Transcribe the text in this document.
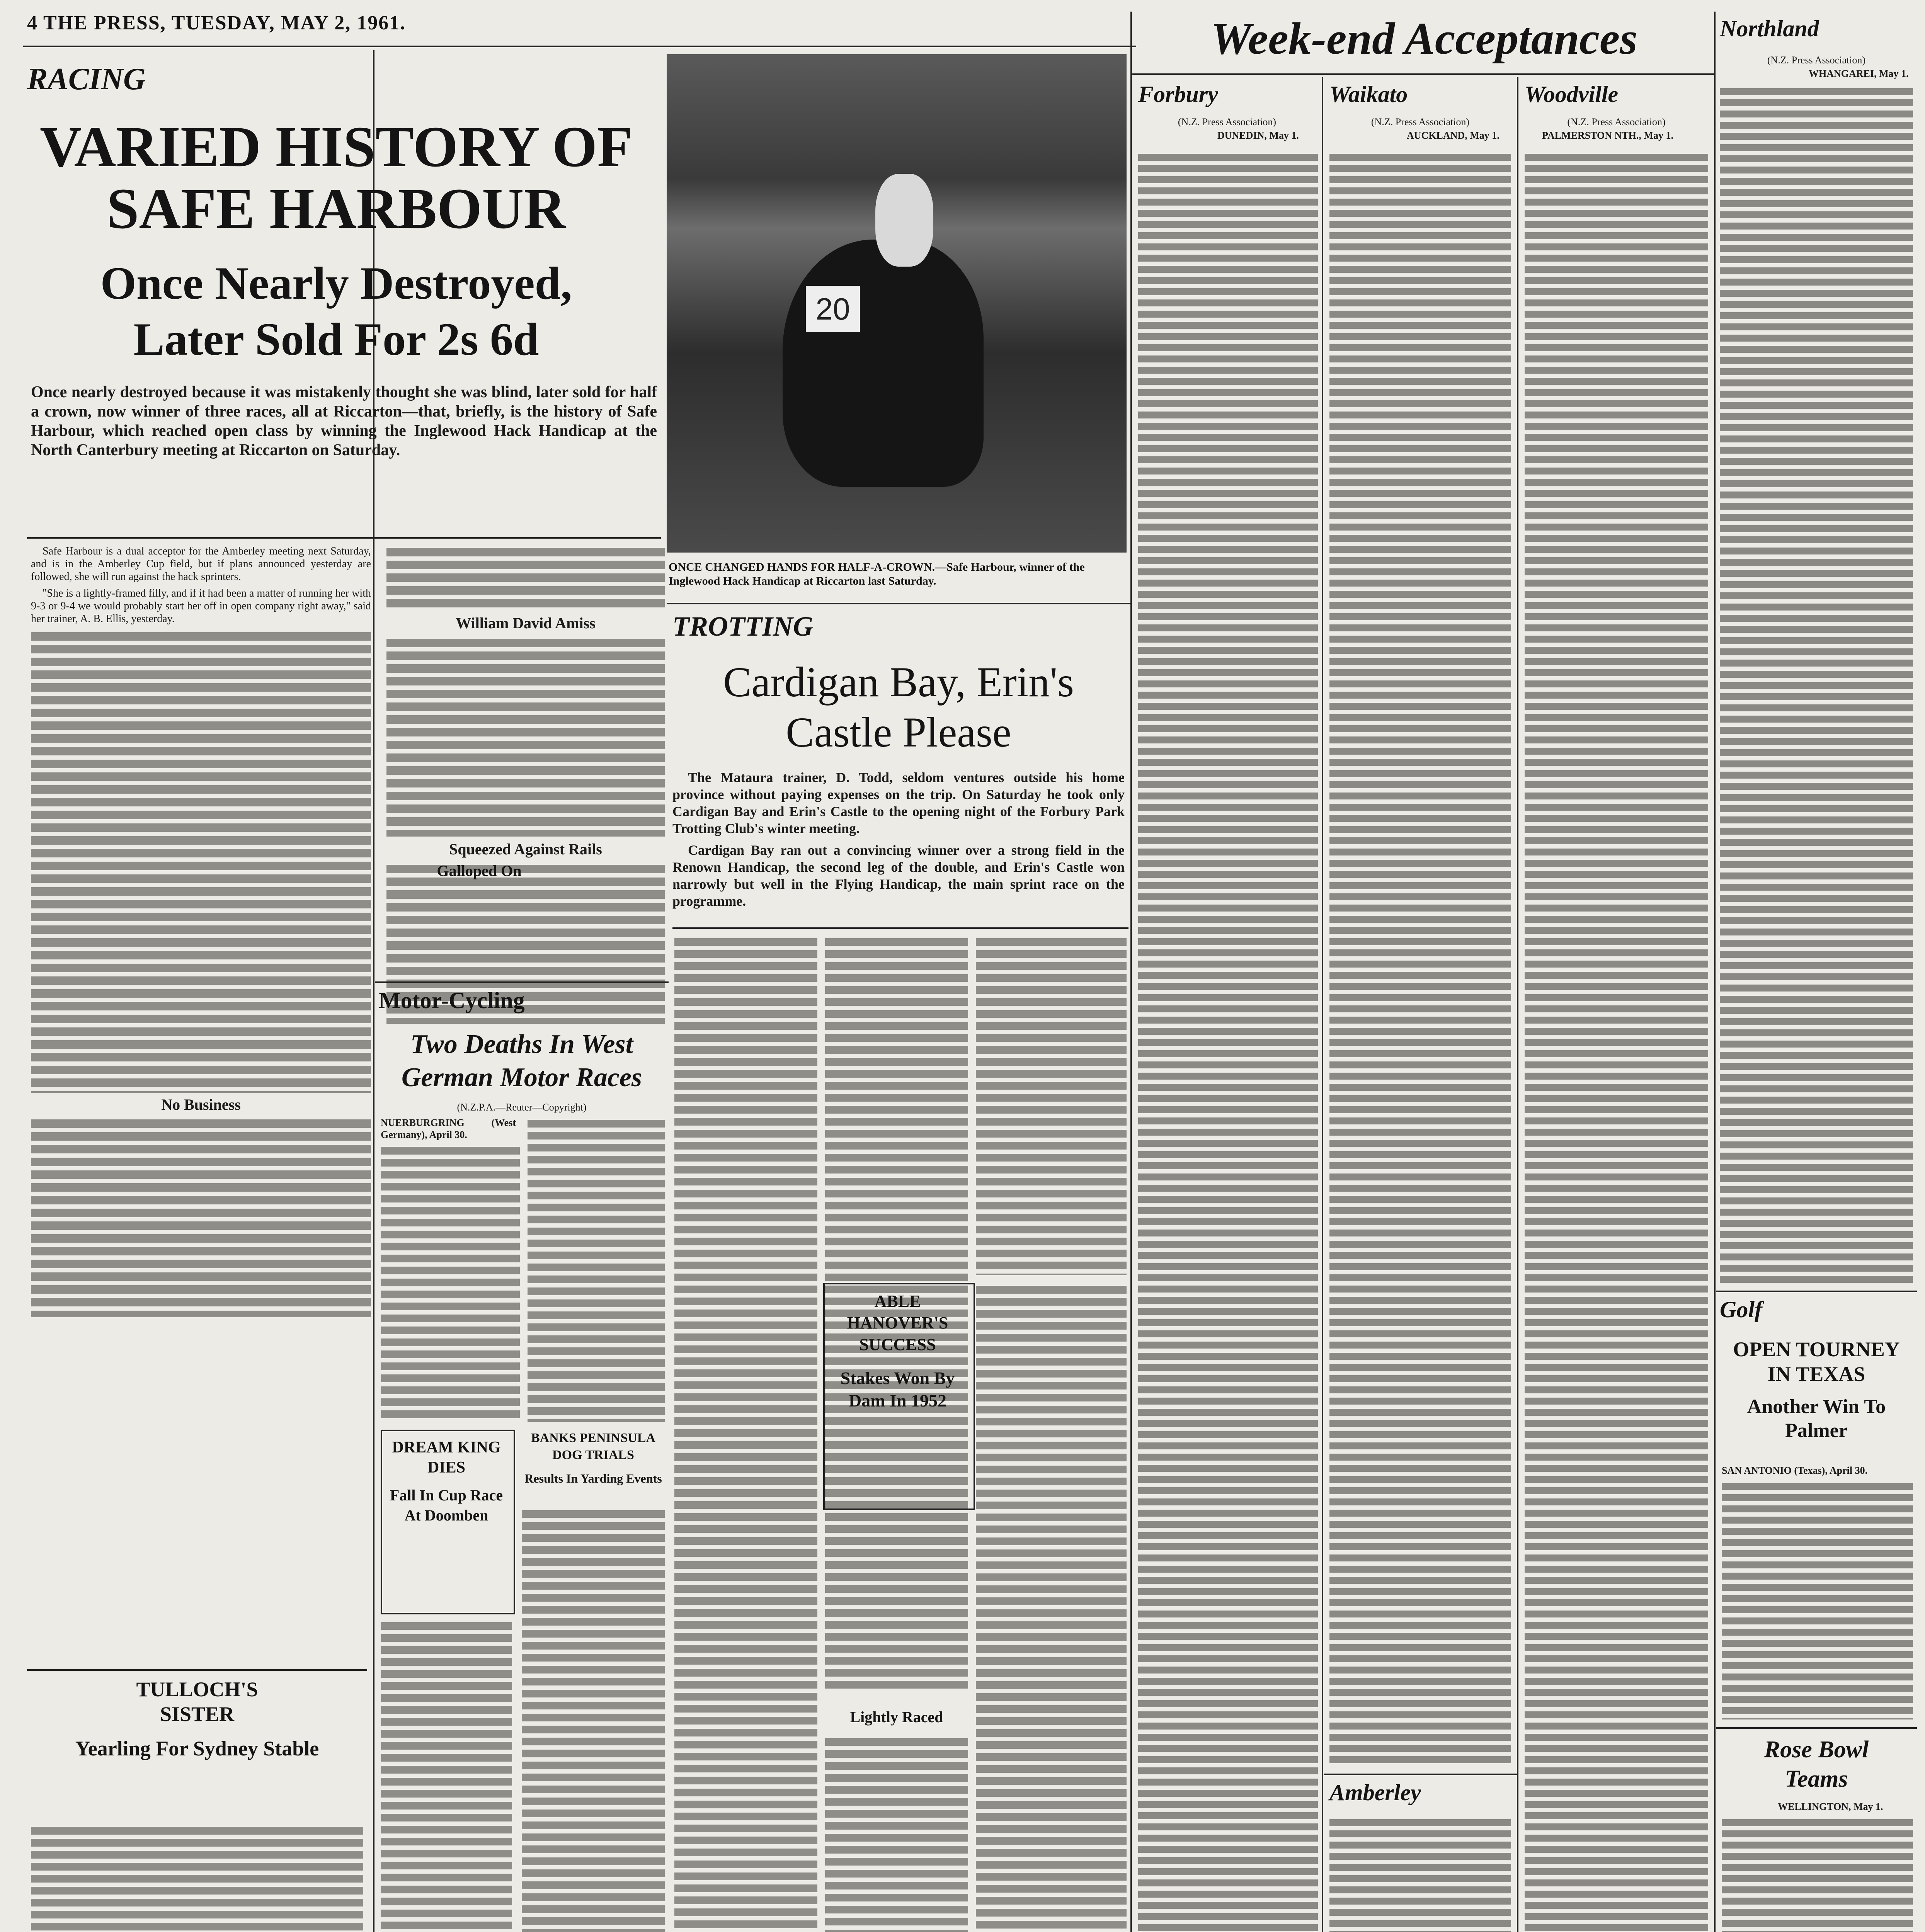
4 THE PRESS, TUESDAY, MAY 2, 1961.
RACING
VARIED HISTORY OF
SAFE HARBOUR
Once Nearly Destroyed,
Later Sold For 2s 6d
Once nearly destroyed because it was mistakenly thought she was blind, later sold for half a crown, now winner of three races, all at Riccarton—that, briefly, is the history of Safe Harbour, which reached open class by winning the Inglewood Hack Handicap at the North Canterbury meeting at Riccarton on Saturday.

Safe Harbour is a dual acceptor for the Amberley meeting next Saturday, and is in the Amberley Cup field, but if plans announced yesterday are followed, she will run against the hack sprinters.

"She is a lightly-framed filly, and if it had been a matter of running her with 9-3 or 9-4 we would probably start her off in open company right away," said her trainer, A. B. Ellis, yesterday.

No Business
William David Amiss
Squeezed Against Rails
Galloped On
20
ONCE CHANGED HANDS FOR HALF-A-CROWN.—Safe Harbour, winner of the Inglewood Hack Handicap at Riccarton last Saturday.
TROTTING
Cardigan Bay, Erin's
Castle Please

The Mataura trainer, D. Todd, seldom ventures outside his home province without paying expenses on the trip. On Saturday he took only Cardigan Bay and Erin's Castle to the opening night of the Forbury Park Trotting Club's winter meeting.

Cardigan Bay ran out a convincing winner over a strong field in the Renown Handicap, the second leg of the double, and Erin's Castle won narrowly but well in the Flying Handicap, the main sprint race on the programme.

Motor-Cycling
Two Deaths In West
German Motor Races
(N.Z.P.A.—Reuter—Copyright)
NUERBURGRING (West Germany), April 30.
DREAM KING
DIES
Fall In Cup Race At Doomben
BANKS PENINSULA
DOG TRIALS
Results In Yarding Events
Lightly Raced
ABLE HANOVER'S
SUCCESS
Stakes Won By Dam In 1952
TULLOCH'S
SISTER
Yearling For Sydney Stable
Week-end Acceptances
Forbury	Waikato	Woodville
(N.Z. Press Association)
DUNEDIN, May 1.
(N.Z. Press Association)
AUCKLAND, May 1.
(N.Z. Press Association)
PALMERSTON NTH., May 1.
Amberley
Northland
(N.Z. Press Association)
WHANGAREI, May 1.
Golf
OPEN TOURNEY
IN TEXAS
Another Win To Palmer
SAN ANTONIO (Texas), April 30.
Rose Bowl
Teams
WELLINGTON, May 1.
